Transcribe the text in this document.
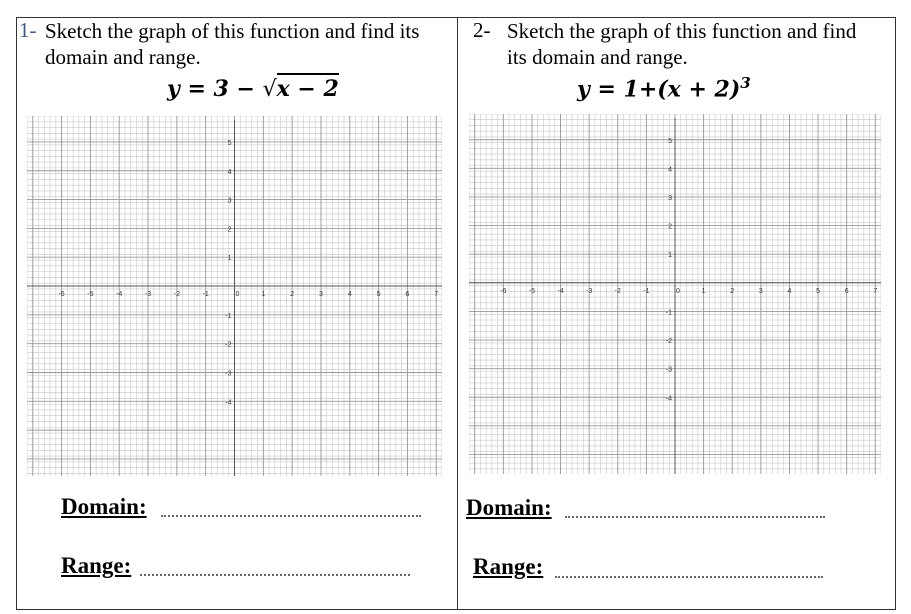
1- Sketch the graph of this function and find its
domain and range.
y = 3 − √x − 2
-6	-5	-4	-3	-2	-1	0	1	2	3	4	5	6	7
5
4
3
2
1
-1
-2
-3
-4
Domain:
Range:
2- Sketch the graph of this function and find
its domain and range.
$y = 1+(x + 2)^3$
-6	-5	-4	-3	-2	-1	0	1	2	3	4	5	6	7
5
4
3
2
1
-1
-2
-3
-4
Domain:
Range:
